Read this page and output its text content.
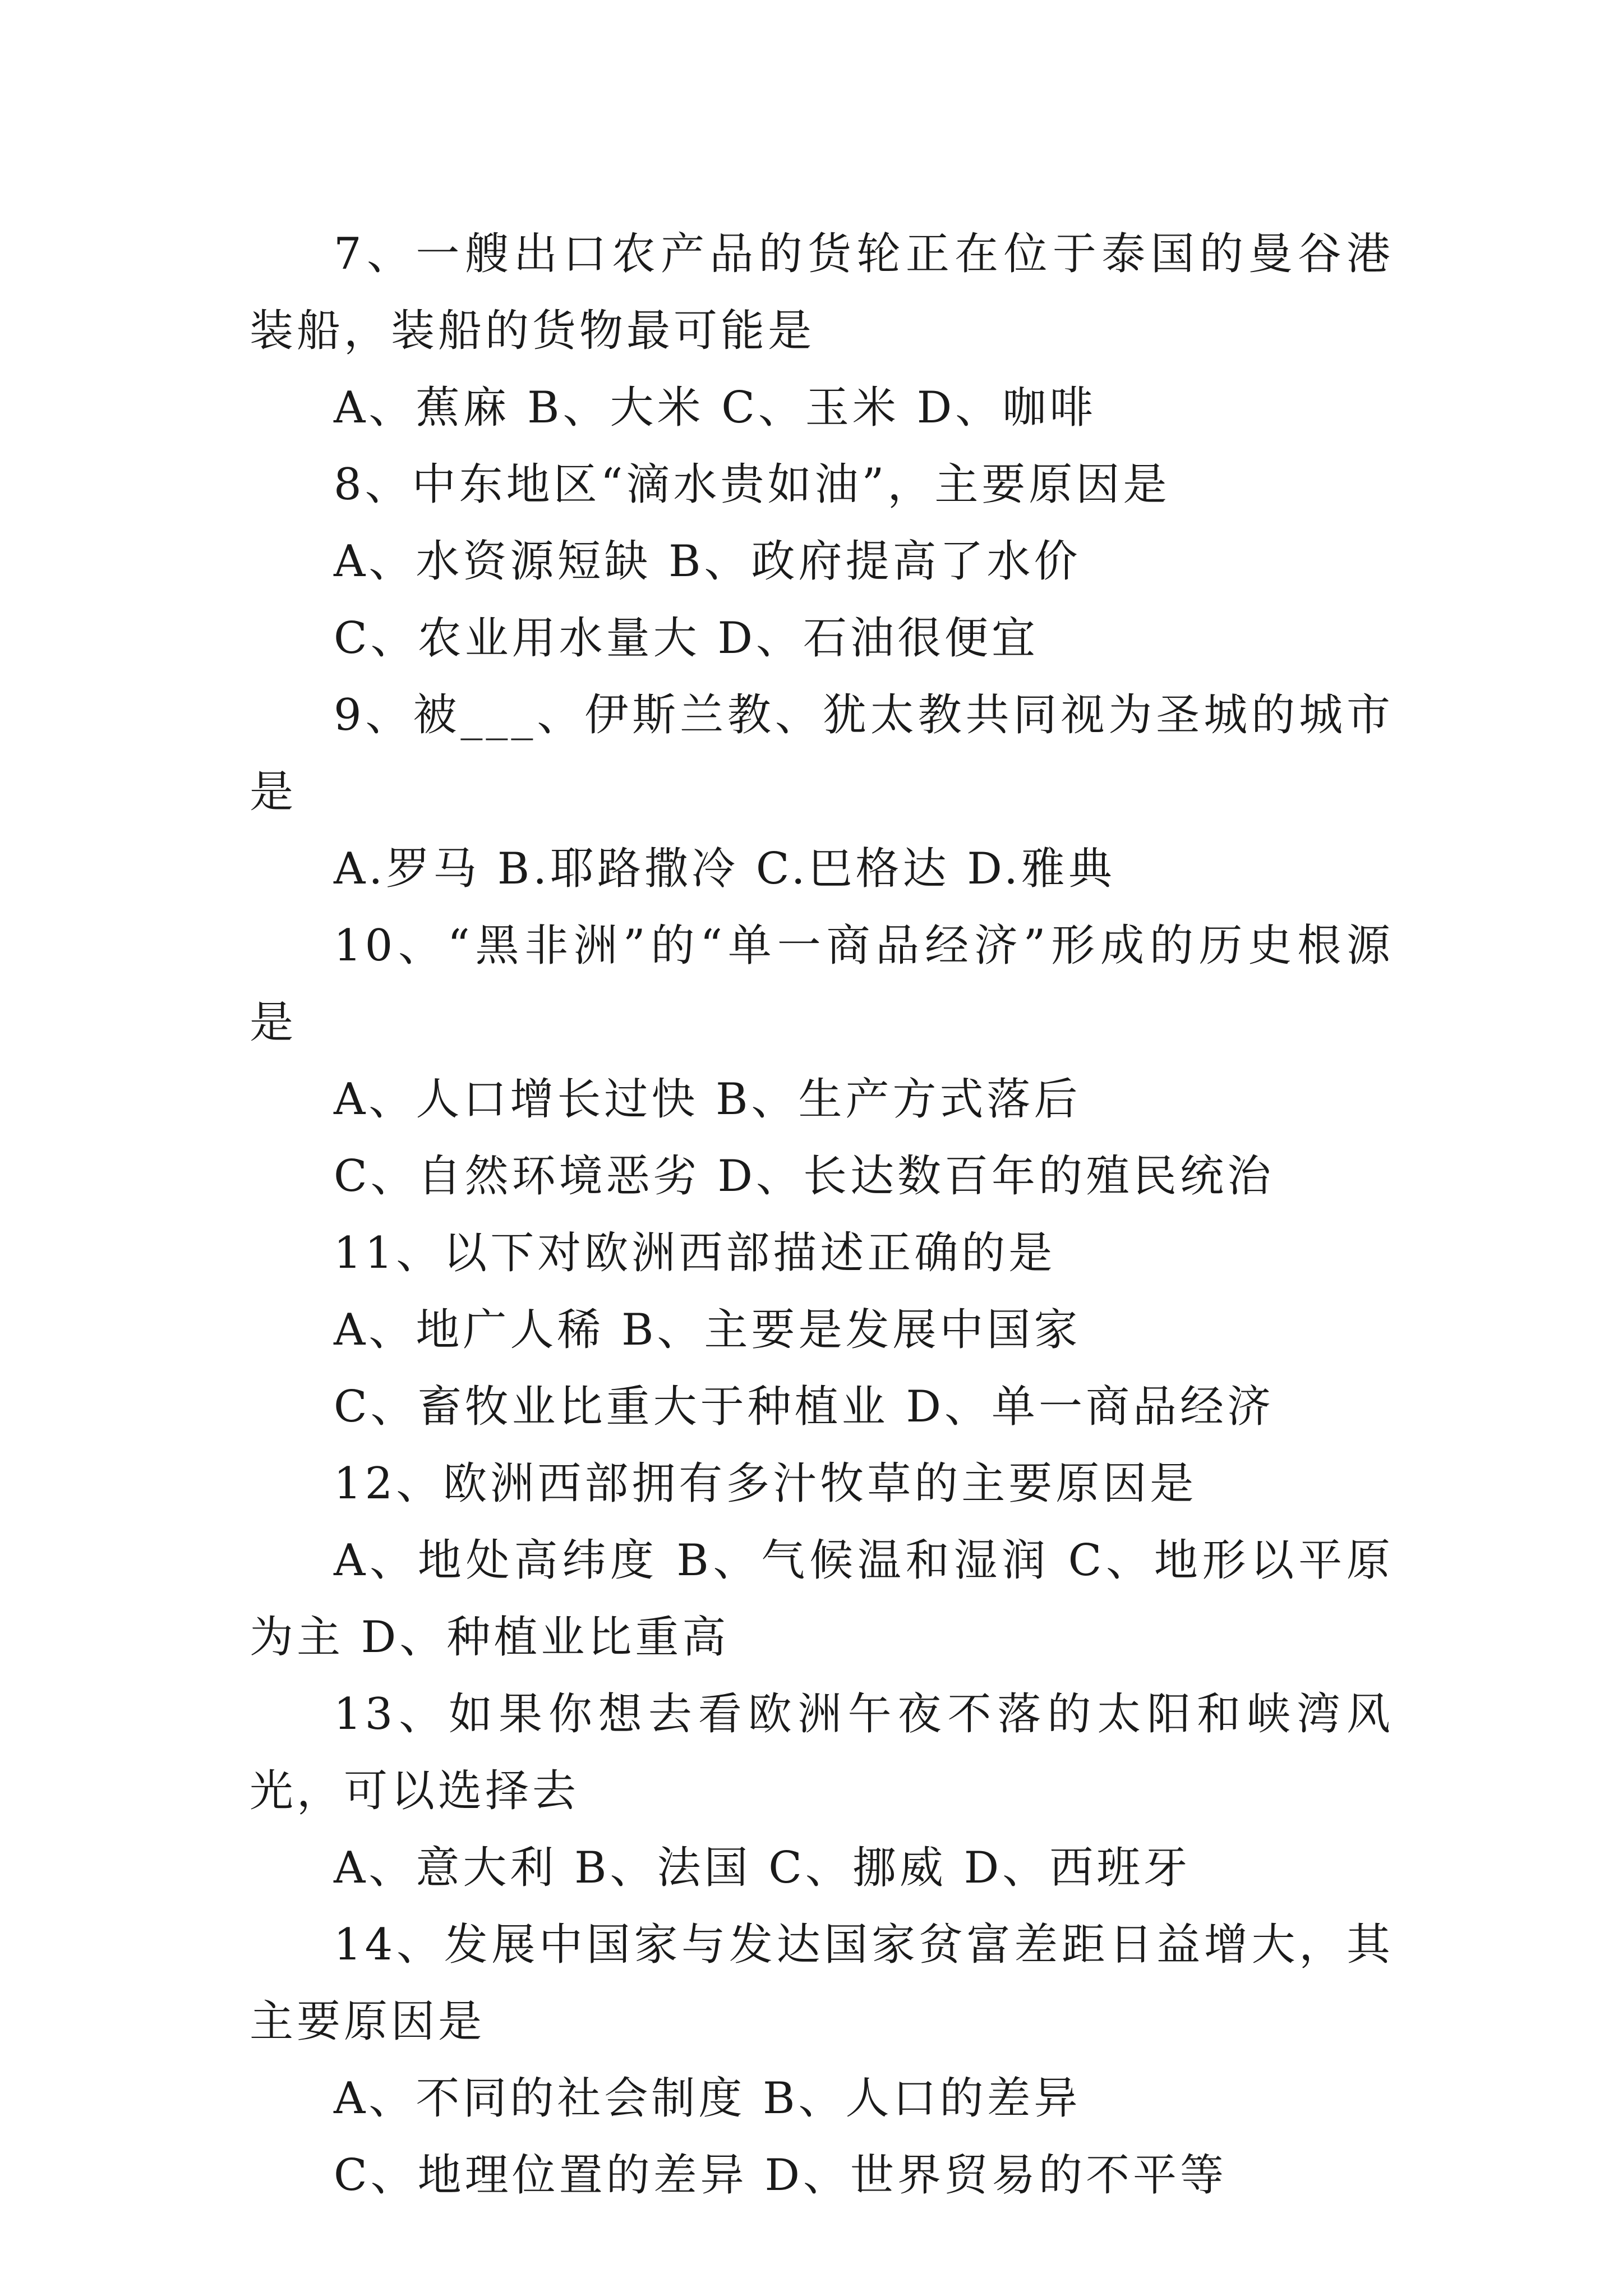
7、一艘出口农产品的货轮正在位于泰国的曼谷港装船，装船的货物最可能是

A、蕉麻 B、大米 C、玉米 D、咖啡

8、中东地区“滴水贵如油”，主要原因是

A、水资源短缺 B、政府提高了水价

C、农业用水量大 D、石油很便宜

9、被___、伊斯兰教、犹太教共同视为圣城的城市是

A.罗马 B.耶路撒冷 C.巴格达 D.雅典

10、“黑非洲”的“单一商品经济”形成的历史根源是

A、人口增长过快 B、生产方式落后

C、自然环境恶劣 D、长达数百年的殖民统治

11、以下对欧洲西部描述正确的是

A、地广人稀 B、主要是发展中国家

C、畜牧业比重大于种植业 D、单一商品经济

12、欧洲西部拥有多汁牧草的主要原因是

A、地处高纬度 B、气候温和湿润 C、地形以平原为主 D、种植业比重高

13、如果你想去看欧洲午夜不落的太阳和峡湾风光，可以选择去

A、意大利 B、法国 C、挪威 D、西班牙

14、发展中国家与发达国家贫富差距日益增大，其主要原因是

A、不同的社会制度 B、人口的差异

C、地理位置的差异 D、世界贸易的不平等
